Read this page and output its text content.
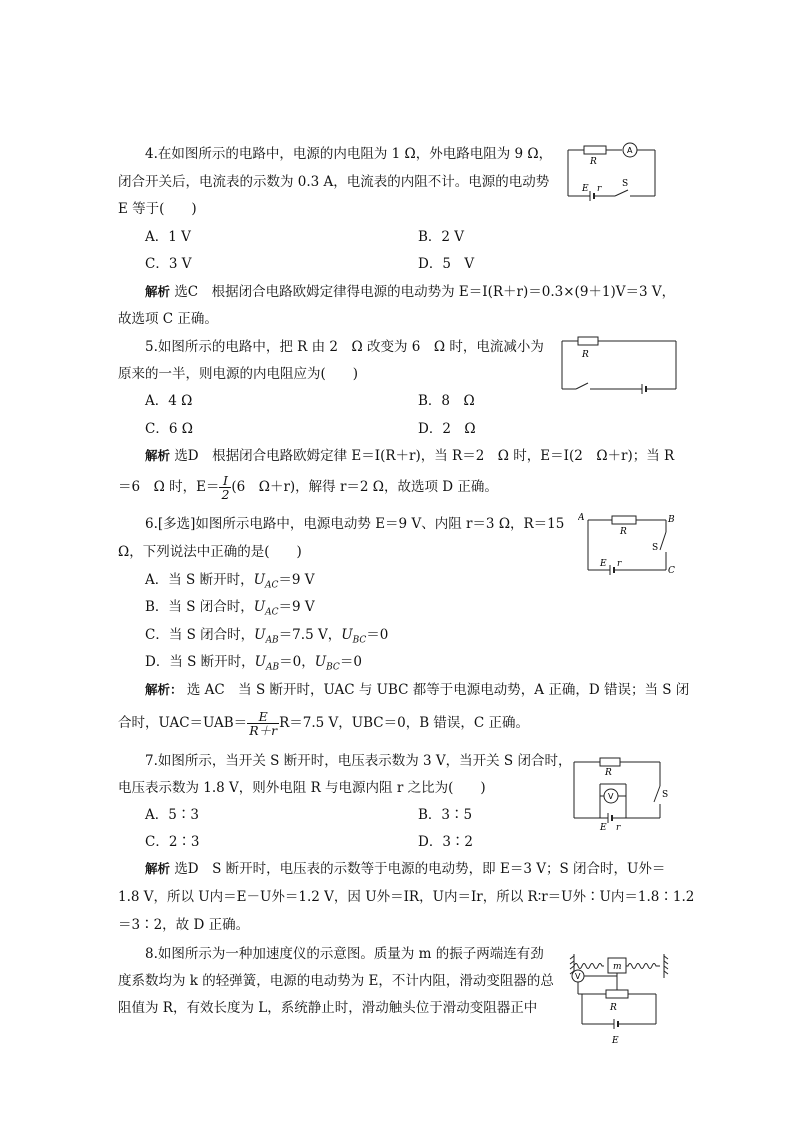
4.在如图所示的电路中，电源的内电阻为 1 Ω，外电路电阻为 9 Ω，
闭合开关后，电流表的示数为 0.3 A，电流表的内阻不计。电源的电动势
E 等于(　　)
A．1 V	B．2 V
C．3 V	D．5　V
解析 选C　根据闭合电路欧姆定律得电源的电动势为 E＝I(R＋r)＝0.3×(9＋1)V＝3 V，
故选项 C 正确。
R
A
E r S
5.如图所示的电路中，把 R 由 2　Ω 改变为 6　Ω 时，电流减小为
原来的一半，则电源的内电阻应为(　　)
A．4 Ω	B．8　Ω
C．6 Ω	D．2　Ω
解析 选D　根据闭合电路欧姆定律 E＝I(R＋r)，当 R＝2　Ω 时，E＝I(2　Ω＋r)；当 R
＝6　Ω 时，$E= \frac{I}{2} (6$　Ω＋r)，解得 r＝2 Ω，故选项 D 正确。
R
6.[多选]如图所示电路中，电源电动势 E＝9 V、内阻 r＝3 Ω，R＝15
Ω，下列说法中正确的是(　　)
A．当 S 断开时，$U_{AC}=9$ V
B．当 S 闭合时，$U_{AC}=9$ V
C．当 S 闭合时，$U_{AB}=7.5$ V，$U_{BC}=0$
D．当 S 断开时，$U_{AB}=0$，$U_{BC}=0$
解析： 选 AC　当 S 断开时，UAC 与 UBC 都等于电源电动势，A 正确，D 错误；当 S 闭
合时，$UAC=UAB= \frac{E}{R+r} R=7.5$ V，UBC＝0，B 错误，C 正确。
A	B
C
R
S
E r
7.如图所示，当开关 S 断开时，电压表示数为 3 V，当开关 S 闭合时，
电压表示数为 1.8 V，则外电阻 R 与电源内阻 r 之比为(　　)
A．5∶3	B．3∶5
C．2∶3	D．3∶2
解析 选D　S 断开时，电压表的示数等于电源的电动势，即 E＝3 V；S 闭合时，U外＝
1.8 V，所以 U内＝E－U外＝1.2 V，因 U外＝IR，U内＝Ir，所以 R∶r＝U外∶U内＝1.8∶1.2
＝3∶2，故 D 正确。
R
V	S
E r
8.如图所示为一种加速度仪的示意图。质量为 m 的振子两端连有劲
度系数均为 k 的轻弹簧，电源的电动势为 E，不计内阻，滑动变阻器的总
阻值为 R，有效长度为 L，系统静止时，滑动触头位于滑动变阻器正中
m
V
R
E
